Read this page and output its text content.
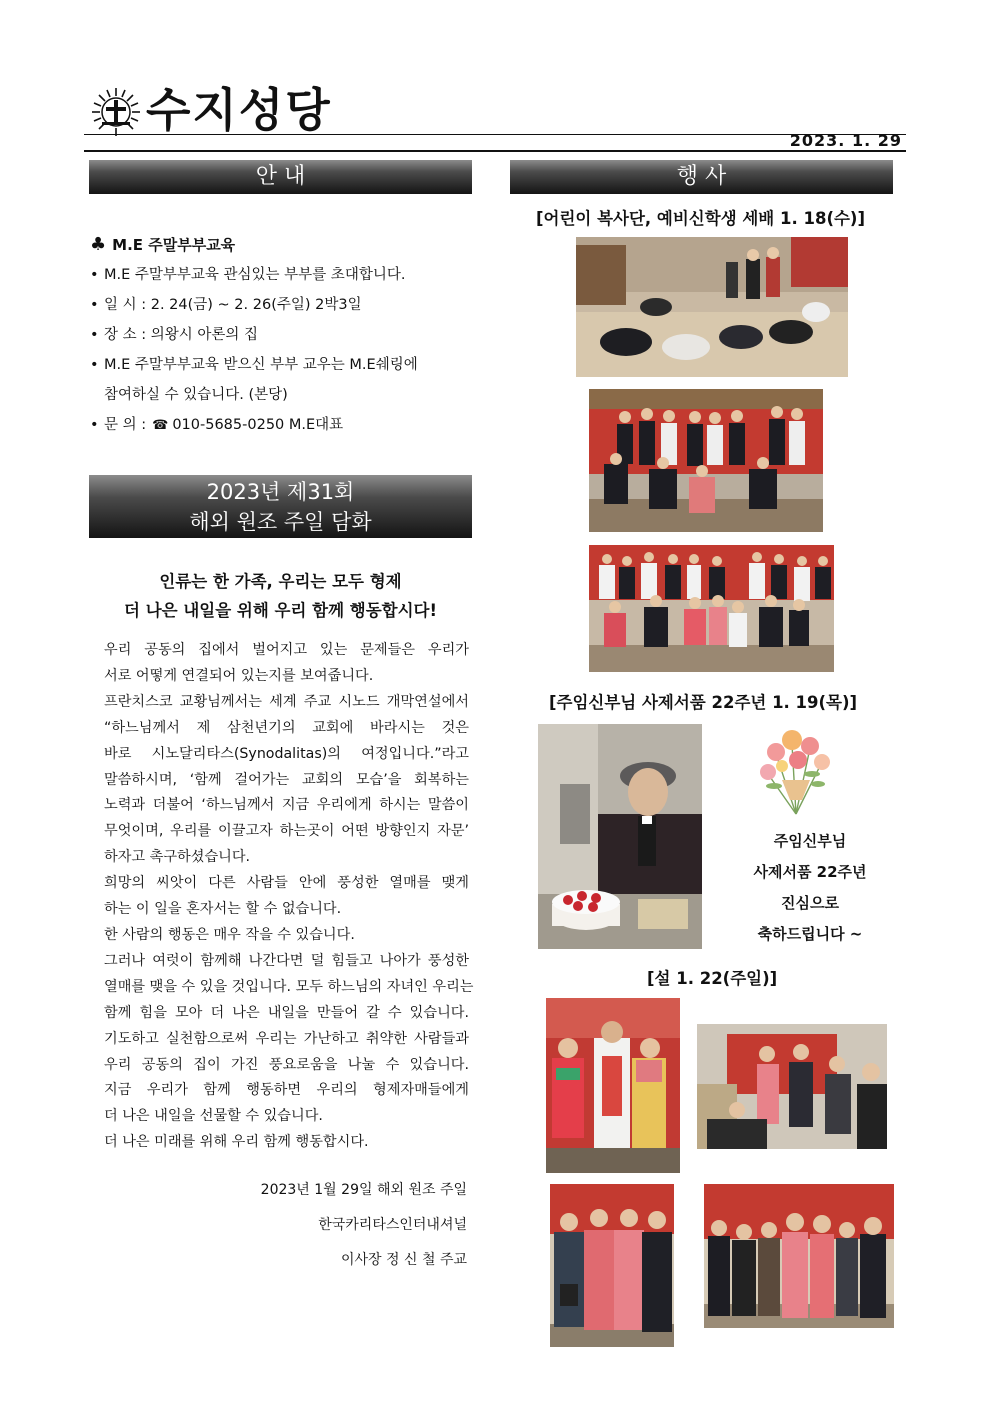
수지성당
2023. 1. 29
안 내
♣ M.E 주말부부교육
• M.E 주말부부교육 관심있는 부부를 초대합니다.
• 일 시 : 2. 24(금) ~ 2. 26(주일) 2박3일
• 장 소 : 의왕시 아론의 집
• M.E 주말부부교육 받으신 부부 교우는 M.E쉐링에
참여하실 수 있습니다. (본당)
• 문 의 : ☎ 010-5685-0250 M.E대표
2023년 제31회
해외 원조 주일 담화
인류는 한 가족, 우리는 모두 형제
더 나은 내일을 위해 우리 함께 행동합시다!
우리 공동의 집에서 벌어지고 있는 문제들은 우리가
서로 어떻게 연결되어 있는지를 보여줍니다.
프란치스코 교황님께서는 세계 주교 시노드 개막연설에서
“하느님께서 제 삼천년기의 교회에 바라시는 것은
바로 시노달리타스(Synodalitas)의 여정입니다.”라고
말씀하시며, ‘함께 걸어가는 교회의 모습’을 회복하는
노력과 더불어 ‘하느님께서 지금 우리에게 하시는 말씀이
무엇이며, 우리를 이끌고자 하는곳이 어떤 방향인지 자문’
하자고 촉구하셨습니다.
희망의 씨앗이 다른 사람들 안에 풍성한 열매를 맺게
하는 이 일을 혼자서는 할 수 없습니다.
한 사람의 행동은 매우 작을 수 있습니다.
그러나 여럿이 함께해 나간다면 덜 힘들고 나아가 풍성한
열매를 맺을 수 있을 것입니다. 모두 하느님의 자녀인 우리는
함께 힘을 모아 더 나은 내일을 만들어 갈 수 있습니다.
기도하고 실천함으로써 우리는 가난하고 취약한 사람들과
우리 공동의 집이 가진 풍요로움을 나눌 수 있습니다.
지금 우리가 함께 행동하면 우리의 형제자매들에게
더 나은 내일을 선물할 수 있습니다.
더 나은 미래를 위해 우리 함께 행동합시다.
2023년 1월 29일 해외 원조 주일
한국카리타스인터내셔널
이사장 정 신 철 주교
행 사
[어린이 복사단, 예비신학생 세배 1. 18(수)]
[주임신부님 사제서품 22주년 1. 19(목)]
주임신부님
사제서품 22주년
진심으로
축하드립니다 ~
[설 1. 22(주일)]
